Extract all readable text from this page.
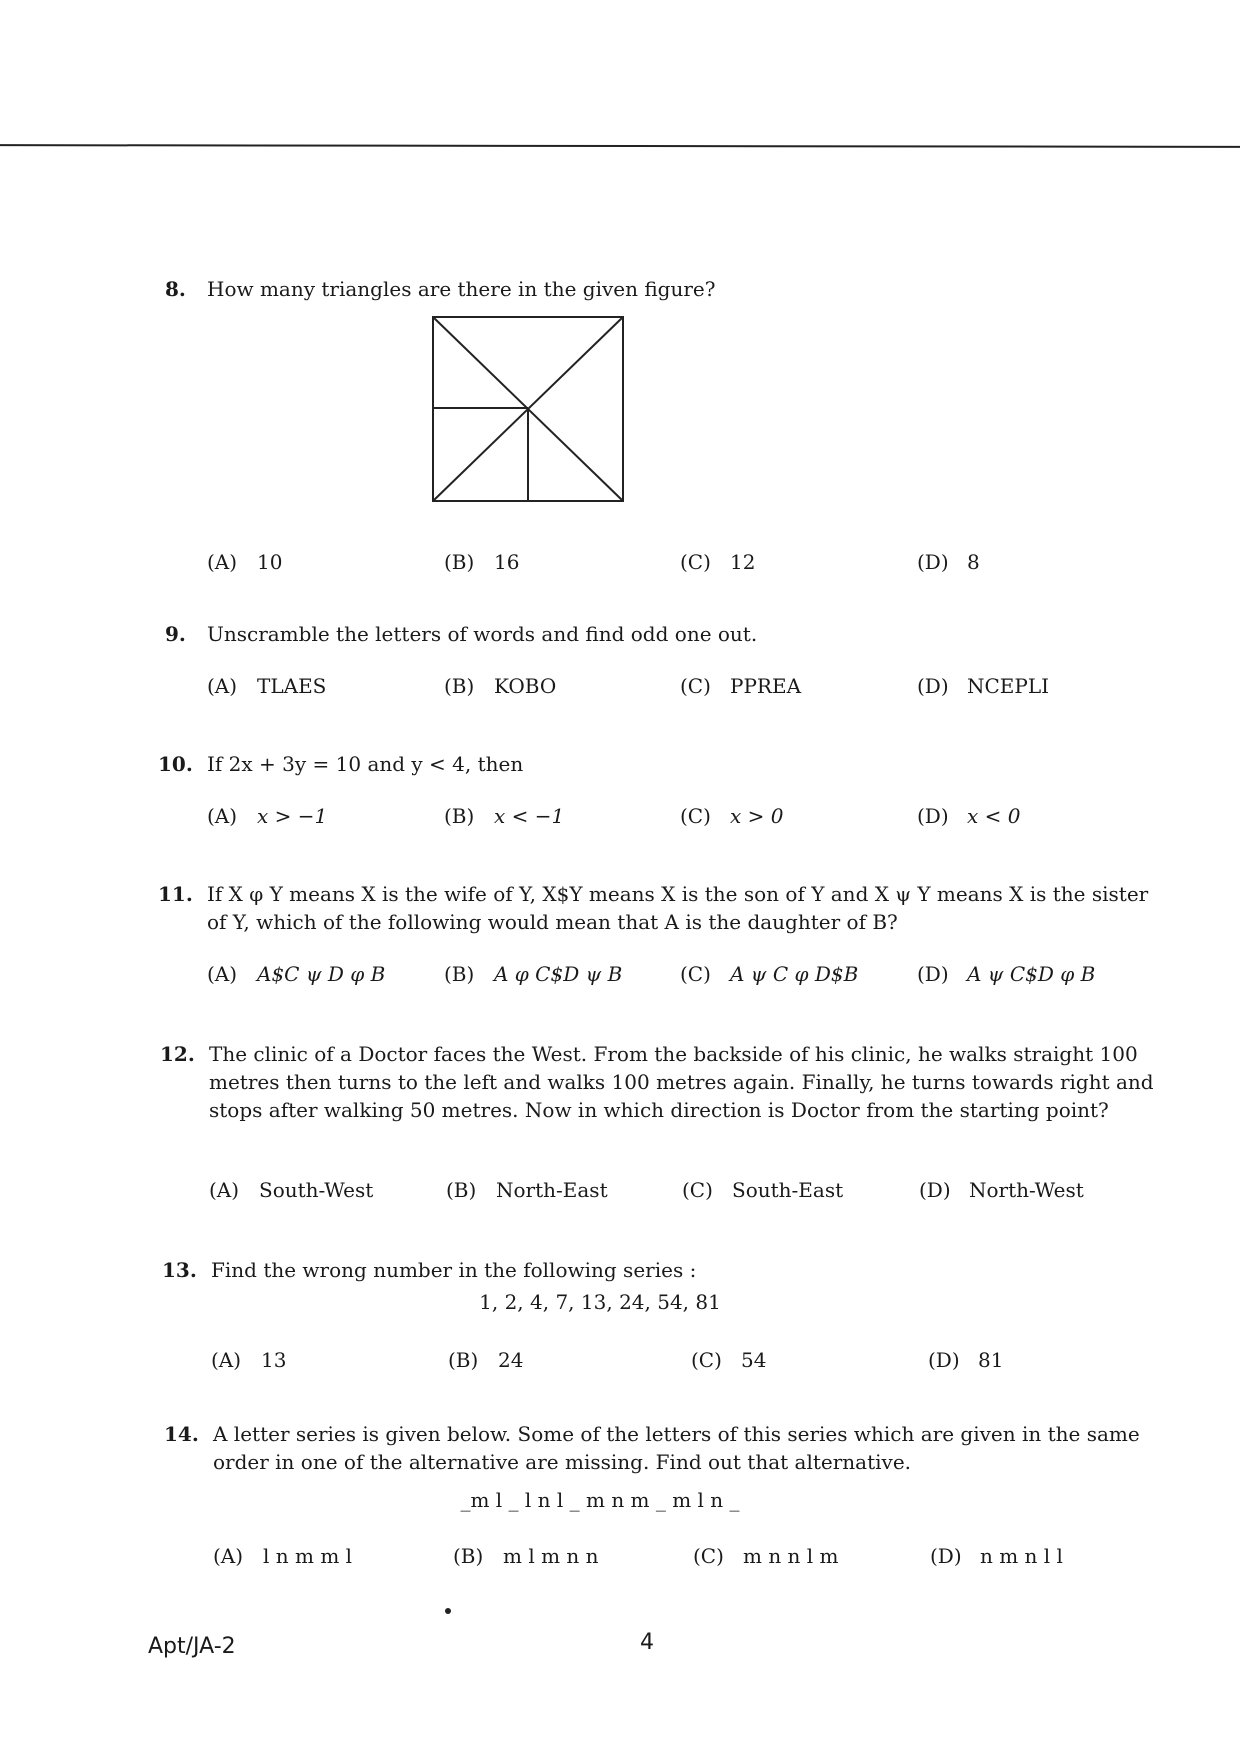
8. How many triangles are there in the given figure?
(A) 10	(B) 16	(C) 12	(D) 8
9. Unscramble the letters of words and find odd one out.
(A) TLAES	(B) KOBO	(C) PPREA	(D) NCEPLI
10. If 2x + 3y = 10 and y < 4, then
(A) x > −1	(B) x < −1	(C) x > 0	(D) x < 0
11. If X φ Y means X is the wife of Y, X$Y means X is the son of Y and X ψ Y means X is the sister of Y, which of the following would mean that A is the daughter of B?
(A) A$C ψ D φ B	(B) A φ C$D ψ B	(C) A ψ C φ D$B	(D) A ψ C$D φ B
12. The clinic of a Doctor faces the West. From the backside of his clinic, he walks straight 100 metres then turns to the left and walks 100 metres again. Finally, he turns towards right and stops after walking 50 metres. Now in which direction is Doctor from the starting point?
(A) South-West	(B) North-East	(C) South-East	(D) North-West
13. Find the wrong number in the following series :
1, 2, 4, 7, 13, 24, 54, 81
(A) 13	(B) 24	(C) 54	(D) 81
14. A letter series is given below. Some of the letters of this series which are given in the same order in one of the alternative are missing. Find out that alternative.
_m l _ l n l _ m n m _ m l n _
(A) l n m m l	(B) m l m n n	(C) m n n l m	(D) n m n l l
Apt/JA-2	4
